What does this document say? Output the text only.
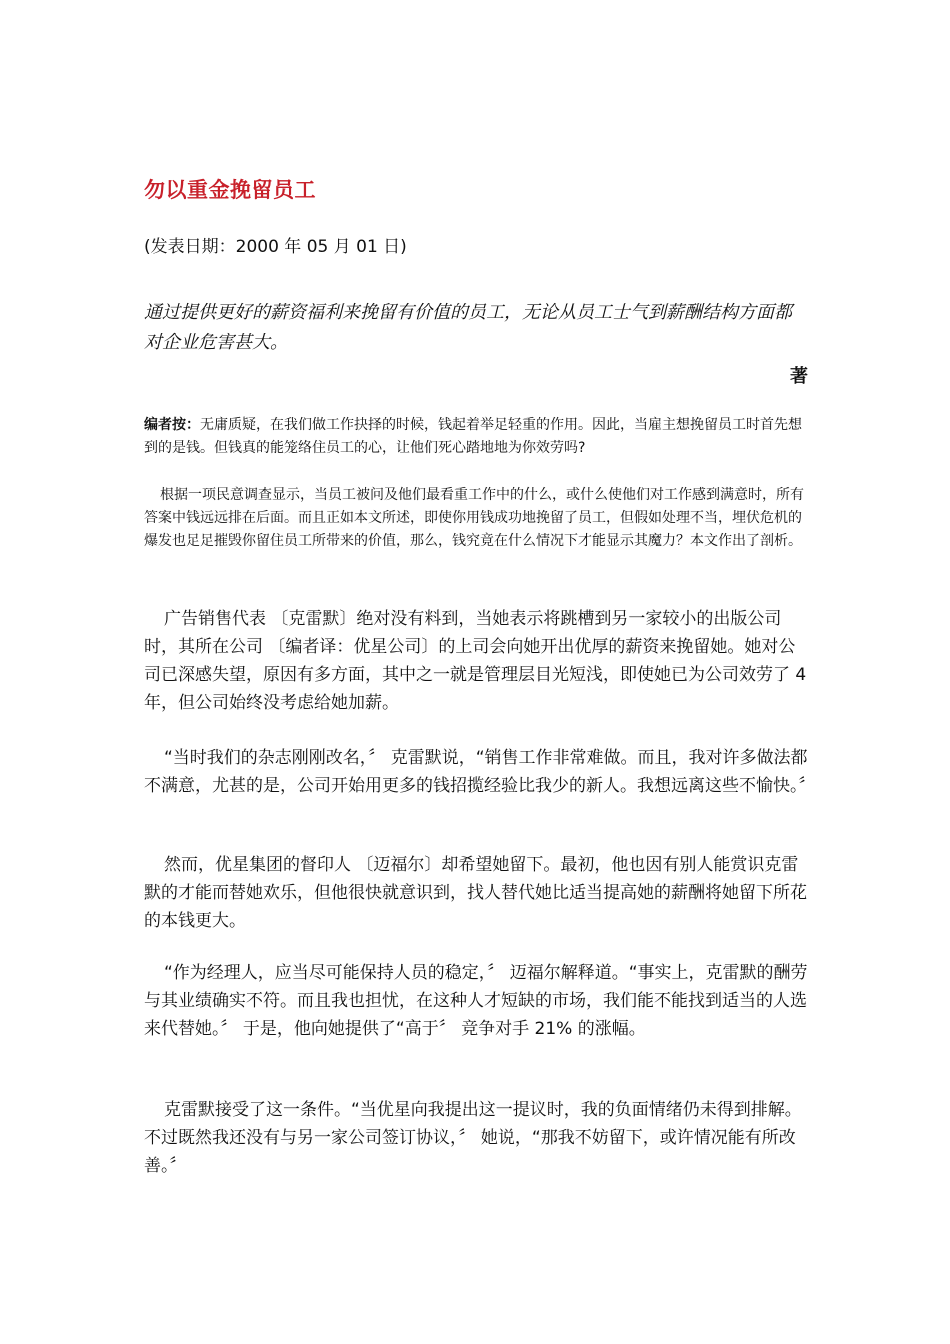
勿以重金挽留员工
(发表日期：2000 年 05 月 01 日)
通过提供更好的薪资福利来挽留有价值的员工，无论从员工士气到薪酬结构方面都对企业危害甚大。
著
编者按：无庸质疑，在我们做工作抉择的时候，钱起着举足轻重的作用。因此，当雇主想挽留员工时首先想到的是钱。但钱真的能笼络住员工的心，让他们死心踏地地为你效劳吗?
根据一项民意调查显示，当员工被问及他们最看重工作中的什么，或什么使他们对工作感到满意时，所有答案中钱远远排在后面。而且正如本文所述，即使你用钱成功地挽留了员工，但假如处理不当，埋伏危机的爆发也足足摧毁你留住员工所带来的价值，那么，钱究竟在什么情况下才能显示其魔力？本文作出了剖析。
广告销售代表 〔克雷默〕绝对没有料到，当她表示将跳槽到另一家较小的出版公司时，其所在公司 〔编者译：优星公司〕的上司会向她开出优厚的薪资来挽留她。她对公司已深感失望，原因有多方面，其中之一就是管理层目光短浅，即使她已为公司效劳了 4 年，但公司始终没考虑给她加薪。
“当时我们的杂志刚刚改名，〞 克雷默说，“销售工作非常难做。而且，我对许多做法都不满意，尤甚的是，公司开始用更多的钱招揽经验比我少的新人。我想远离这些不愉快。〞
然而，优星集团的督印人 〔迈福尔〕却希望她留下。最初，他也因有别人能赏识克雷默的才能而替她欢乐，但他很快就意识到，找人替代她比适当提高她的薪酬将她留下所花的本钱更大。
“作为经理人，应当尽可能保持人员的稳定，〞 迈福尔解释道。“事实上，克雷默的酬劳与其业绩确实不符。而且我也担忧，在这种人才短缺的市场，我们能不能找到适当的人选来代替她。〞 于是，他向她提供了“高于〞 竞争对手 21% 的涨幅。
克雷默接受了这一条件。“当优星向我提出这一提议时，我的负面情绪仍未得到排解。不过既然我还没有与另一家公司签订协议，〞 她说，“那我不妨留下，或许情况能有所改善。〞
